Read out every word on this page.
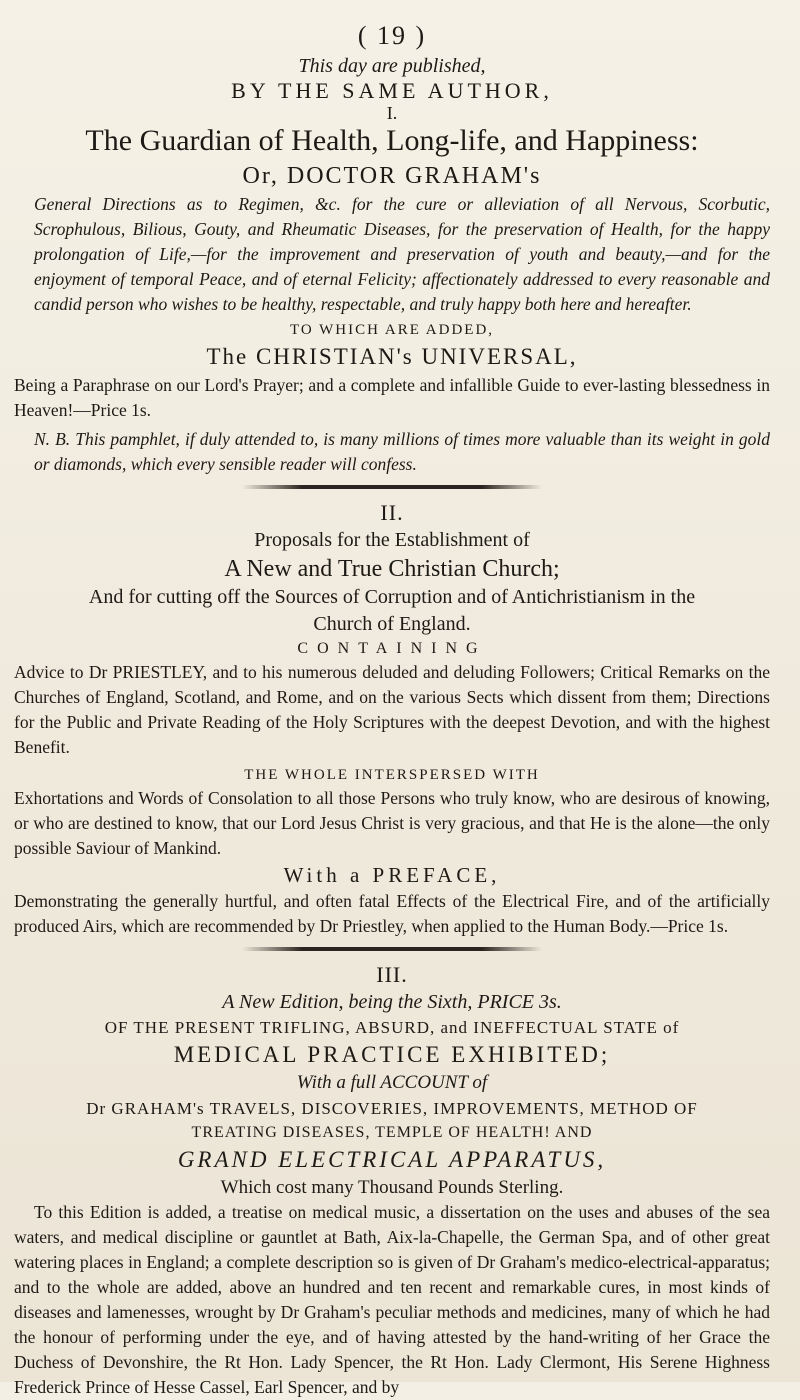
( 19 )

This day are published,

BY THE SAME AUTHOR,

I.

The Guardian of Health, Long-life, and Happiness:

Or, DOCTOR GRAHAM's

General Directions as to Regimen, &c. for the cure or alleviation of all Nervous, Scorbutic, Scrophulous, Bilious, Gouty, and Rheumatic Diseases, for the preservation of Health, for the happy prolongation of Life,—for the improvement and preservation of youth and beauty,—and for the enjoyment of temporal Peace, and of eternal Felicity; affectionately addressed to every reasonable and candid person who wishes to be healthy, respectable, and truly happy both here and hereafter.

TO WHICH ARE ADDED,

The CHRISTIAN's UNIVERSAL,

Being a Paraphrase on our Lord's Prayer; and a complete and infallible Guide to ever-lasting blessedness in Heaven!—Price 1s.

N. B. This pamphlet, if duly attended to, is many millions of times more valuable than its weight in gold or diamonds, which every sensible reader will confess.

II.

Proposals for the Establishment of

A New and True Christian Church;

And for cutting off the Sources of Corruption and of Antichristianism in the

Church of England.

CONTAINING

Advice to Dr PRIESTLEY, and to his numerous deluded and deluding Followers; Critical Remarks on the Churches of England, Scotland, and Rome, and on the various Sects which dissent from them; Directions for the Public and Private Reading of the Holy Scriptures with the deepest Devotion, and with the highest Benefit.

THE WHOLE INTERSPERSED WITH

Exhortations and Words of Consolation to all those Persons who truly know, who are desirous of knowing, or who are destined to know, that our Lord Jesus Christ is very gracious, and that He is the alone—the only possible Saviour of Mankind.

With a PREFACE,

Demonstrating the generally hurtful, and often fatal Effects of the Electrical Fire, and of the artificially produced Airs, which are recommended by Dr Priestley, when applied to the Human Body.—Price 1s.

III.

A New Edition, being the Sixth, PRICE 3s.

OF THE PRESENT TRIFLING, ABSURD, and INEFFECTUAL STATE of

MEDICAL PRACTICE EXHIBITED;

With a full ACCOUNT of

Dr GRAHAM's TRAVELS, DISCOVERIES, IMPROVEMENTS, METHOD OF

TREATING DISEASES, TEMPLE OF HEALTH! AND

GRAND ELECTRICAL APPARATUS,

Which cost many Thousand Pounds Sterling.

To this Edition is added, a treatise on medical music, a dissertation on the uses and abuses of the sea waters, and medical discipline or gauntlet at Bath, Aix-la-Chapelle, the German Spa, and of other great watering places in England; a complete description so is given of Dr Graham's medico-electrical-apparatus; and to the whole are added, above an hundred and ten recent and remarkable cures, in most kinds of diseases and lamenesses, wrought by Dr Graham's peculiar methods and medicines, many of which he had the honour of performing under the eye, and of having attested by the hand-writing of her Grace the Duchess of Devonshire, the Rt Hon. Lady Spencer, the Rt Hon. Lady Clermont, His Serene Highness Frederick Prince of Hesse Cassel, Earl Spencer, and by
